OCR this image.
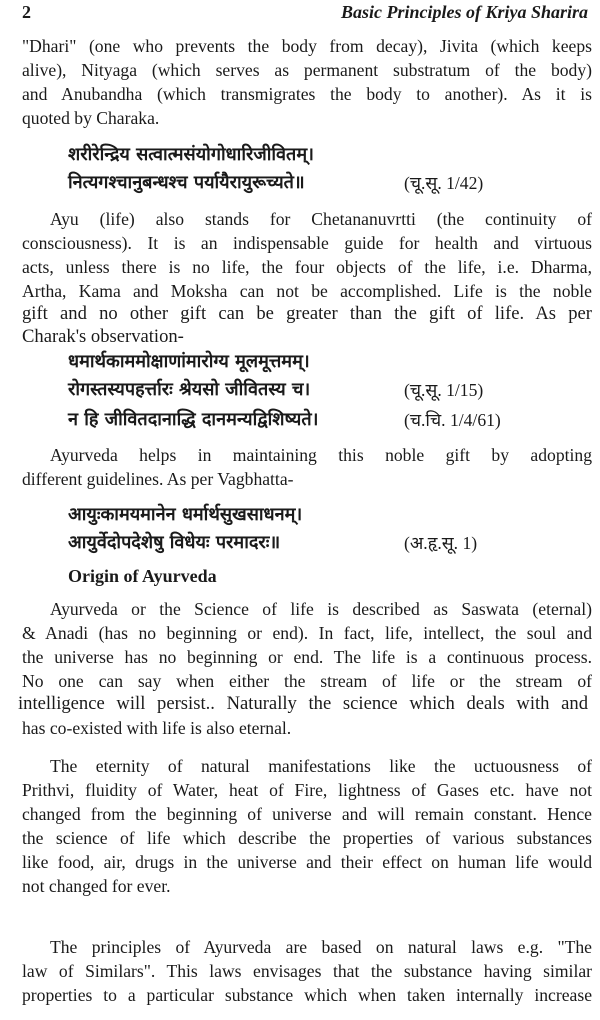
2	Basic Principles of Kriya Sharira
"Dhari" (one who prevents the body from decay), Jivita (which keeps
alive), Nityaga (which serves as permanent substratum of the body)
and Anubandha (which transmigrates the body to another). As it is
quoted by Charaka.
शरीरेन्द्रिय सत्वात्मसंयोगोधारिजीवितम्।
नित्यगश्चानुबन्धश्च पर्यायैरायुरूच्यते॥	(चू.सू. 1/42)
Ayu (life) also stands for Chetananuvrtti (the continuity of
consciousness). It is an indispensable guide for health and virtuous
acts, unless there is no life, the four objects of the life, i.e. Dharma,
Artha, Kama and Moksha can not be accomplished. Life is the noble
gift and no other gift can be greater than the gift of life. As per
Charak's observation-
धमार्थकाममोक्षाणांमारोग्य मूलमूत्तमम्।
रोगस्तस्यपहर्त्तारः श्रेयसो जीवितस्य च।	(चू.सू. 1/15)
न हि जीवितदानाद्धि दानमन्यद्विशिष्यते।	(च.चि. 1/4/61)
Ayurveda helps in maintaining this noble gift by adopting
different guidelines. As per Vagbhatta-
आयुःकामयमानेन धर्मार्थसुखसाधनम्।
आयुर्वेदोपदेशेषु विधेयः परमादरः॥	(अ.हृ.सू. 1)
Origin of Ayurveda
Ayurveda or the Science of life is described as Saswata (eternal)
& Anadi (has no beginning or end). In fact, life, intellect, the soul and
the universe has no beginning or end. The life is a continuous process.
No one can say when either the stream of life or the stream of
intelligence will persist.. Naturally the science which deals with and
has co-existed with life is also eternal.
The eternity of natural manifestations like the uctuousness of
Prithvi, fluidity of Water, heat of Fire, lightness of Gases etc. have not
changed from the beginning of universe and will remain constant. Hence
the science of life which describe the properties of various substances
like food, air, drugs in the universe and their effect on human life would
not changed for ever.
The principles of Ayurveda are based on natural laws e.g. "The
law of Similars". This laws envisages that the substance having similar
properties to a particular substance which when taken internally increase
